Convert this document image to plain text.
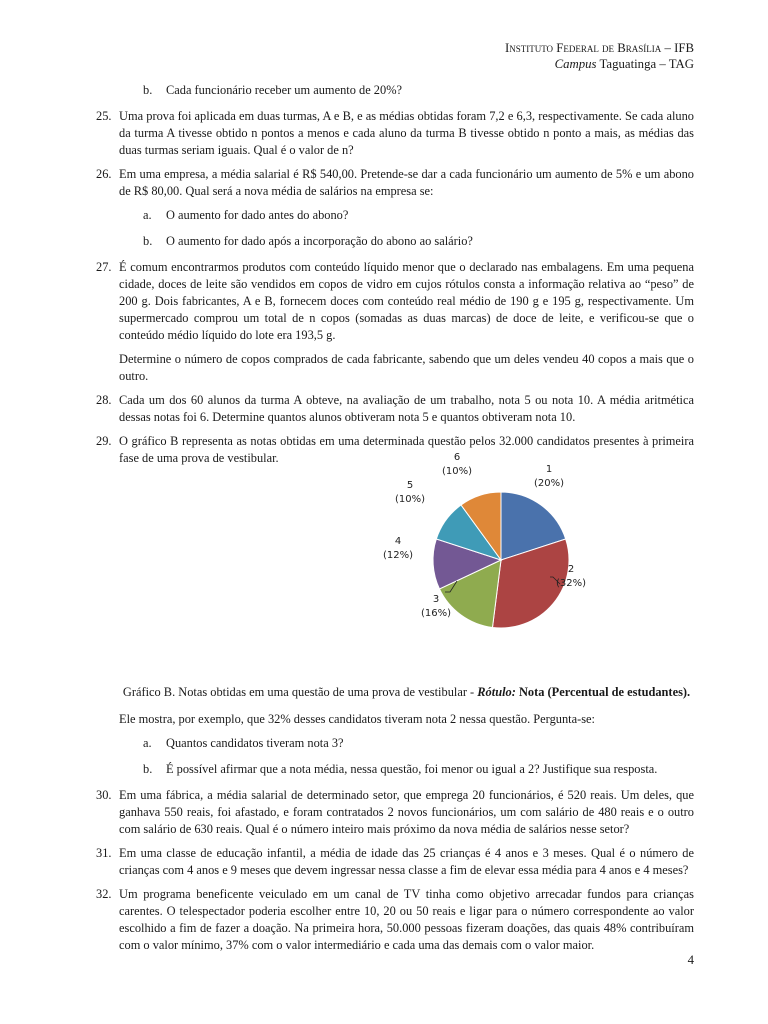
Instituto Federal de Brasília – IFB
Campus Taguatinga – TAG
b. Cada funcionário receber um aumento de 20%?
25. Uma prova foi aplicada em duas turmas, A e B, e as médias obtidas foram 7,2 e 6,3, respectivamente. Se cada aluno da turma A tivesse obtido n pontos a menos e cada aluno da turma B tivesse obtido n ponto a mais, as médias das duas turmas seriam iguais. Qual é o valor de n?
26. Em uma empresa, a média salarial é R$ 540,00. Pretende-se dar a cada funcionário um aumento de 5% e um abono de R$ 80,00. Qual será a nova média de salários na empresa se:
a. O aumento for dado antes do abono?
b. O aumento for dado após a incorporação do abono ao salário?
27. É comum encontrarmos produtos com conteúdo líquido menor que o declarado nas embalagens. Em uma pequena cidade, doces de leite são vendidos em copos de vidro em cujos rótulos consta a informação relativa ao “peso” de 200 g. Dois fabricantes, A e B, fornecem doces com conteúdo real médio de 190 g e 195 g, respectivamente. Um supermercado comprou um total de n copos (somadas as duas marcas) de doce de leite, e verificou-se que o conteúdo médio líquido do lote era 193,5 g.
Determine o número de copos comprados de cada fabricante, sabendo que um deles vendeu 40 copos a mais que o outro.
28. Cada um dos 60 alunos da turma A obteve, na avaliação de um trabalho, nota 5 ou nota 10. A média aritmética dessas notas foi 6. Determine quantos alunos obtiveram nota 5 e quantos obtiveram nota 10.
29. O gráfico B representa as notas obtidas em uma determinada questão pelos 32.000 candidatos presentes à primeira fase de uma prova de vestibular.
1
(20%)
2
(32%)
3
(16%)
4
(12%)
5
(10%)
6
(10%)
Gráfico B. Notas obtidas em uma questão de uma prova de vestibular - Rótulo: Nota (Percentual de estudantes).
Ele mostra, por exemplo, que 32% desses candidatos tiveram nota 2 nessa questão. Pergunta-se:
a. Quantos candidatos tiveram nota 3?
b. É possível afirmar que a nota média, nessa questão, foi menor ou igual a 2? Justifique sua resposta.
30. Em uma fábrica, a média salarial de determinado setor, que emprega 20 funcionários, é 520 reais. Um deles, que ganhava 550 reais, foi afastado, e foram contratados 2 novos funcionários, um com salário de 480 reais e o outro com salário de 630 reais. Qual é o número inteiro mais próximo da nova média de salários nesse setor?
31. Em uma classe de educação infantil, a média de idade das 25 crianças é 4 anos e 3 meses. Qual é o número de crianças com 4 anos e 9 meses que devem ingressar nessa classe a fim de elevar essa média para 4 anos e 4 meses?
32. Um programa beneficente veiculado em um canal de TV tinha como objetivo arrecadar fundos para crianças carentes. O telespectador poderia escolher entre 10, 20 ou 50 reais e ligar para o número correspondente ao valor escolhido a fim de fazer a doação. Na primeira hora, 50.000 pessoas fizeram doações, das quais 48% contribuíram com o valor mínimo, 37% com o valor intermediário e cada uma das demais com o valor maior.
4
